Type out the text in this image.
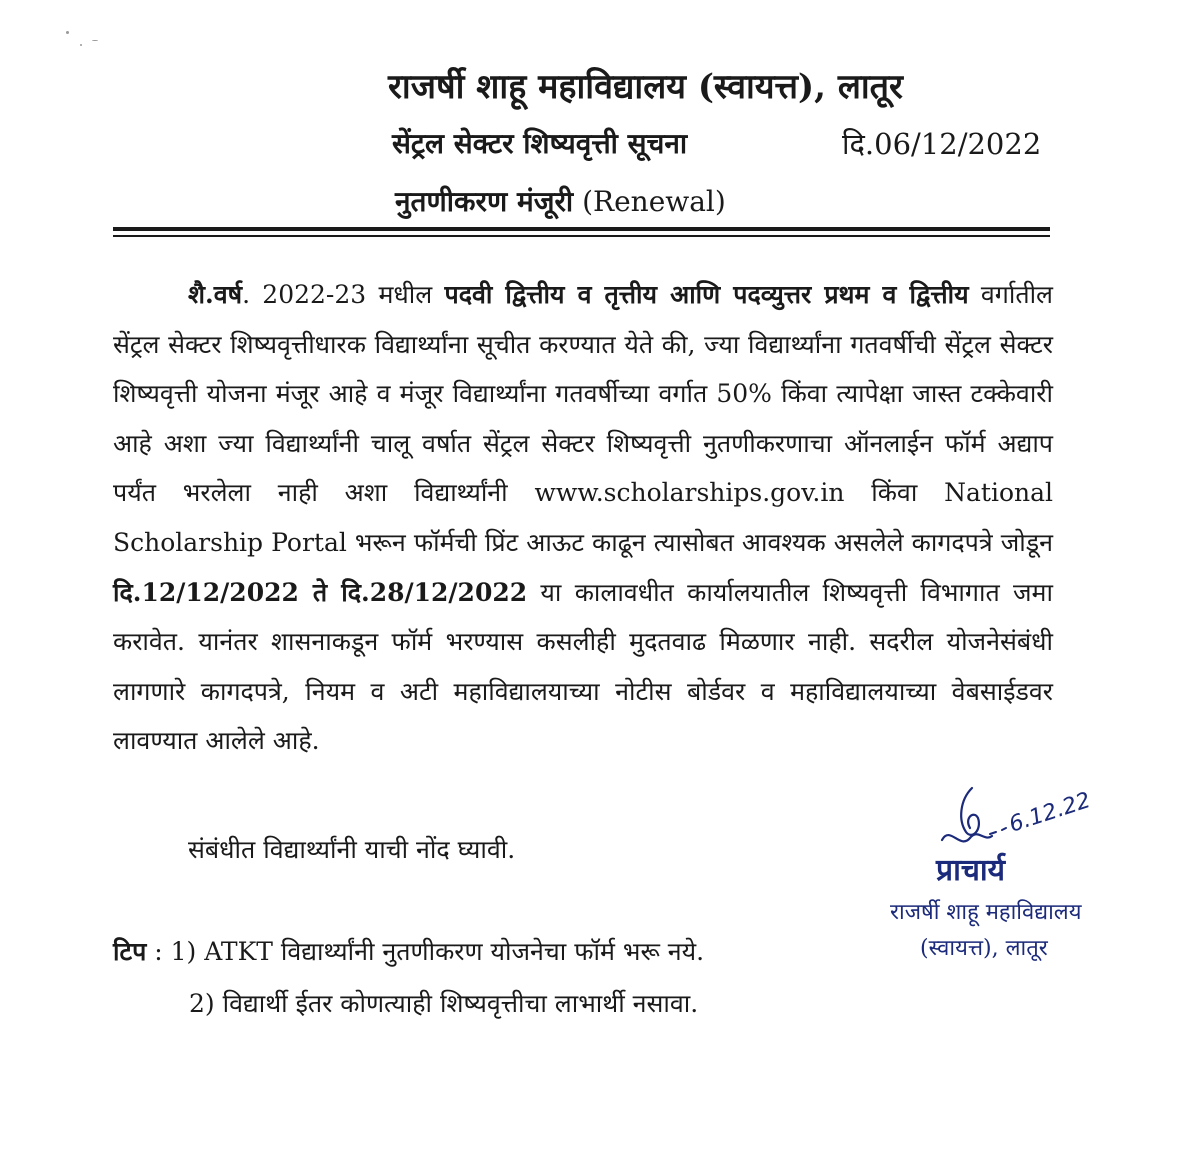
राजर्षी शाहू महाविद्यालय (स्वायत्त), लातूर
सेंट्रल सेक्टर शिष्यवृत्ती सूचना	दि.06/12/2022
नुतणीकरण मंजूरी (Renewal)
शै.वर्ष. 2022-23 मधील पदवी द्वित्तीय व तृत्तीय आणि पदव्युत्तर प्रथम व द्वित्तीय वर्गातील सेंट्रल सेक्टर शिष्यवृत्तीधारक विद्यार्थ्यांना सूचीत करण्यात येते की, ज्या विद्यार्थ्यांना गतवर्षीची सेंट्रल सेक्टर शिष्यवृत्ती योजना मंजूर आहे व मंजूर विद्यार्थ्यांना गतवर्षीच्या वर्गात 50% किंवा त्यापेक्षा जास्त टक्केवारी आहे अशा ज्या विद्यार्थ्यांनी चालू वर्षात सेंट्रल सेक्टर शिष्यवृत्ती नुतणीकरणाचा ऑनलाईन फॉर्म अद्याप पर्यंत भरलेला नाही अशा विद्यार्थ्यांनी www.scholarships.gov.in किंवा National Scholarship Portal भरून फॉर्मची प्रिंट आऊट काढून त्यासोबत आवश्यक असलेले कागदपत्रे जोडून दि.12/12/2022 ते दि.28/12/2022 या कालावधीत कार्यालयातील शिष्यवृत्ती विभागात जमा करावेत. यानंतर शासनाकडून फॉर्म भरण्यास कसलीही मुदतवाढ मिळणार नाही. सदरील योजनेसंबंधी लागणारे कागदपत्रे, नियम व अटी महाविद्यालयाच्या नोटीस बोर्डवर व महाविद्यालयाच्या वेबसाईडवर लावण्यात आलेले आहे.
संबंधीत विद्यार्थ्यांनी याची नोंद घ्यावी.
टिप : 1) ATKT विद्यार्थ्यांनी नुतणीकरण योजनेचा फॉर्म भरू नये.
2) विद्यार्थी ईतर कोणत्याही शिष्यवृत्तीचा लाभार्थी नसावा.
6.12.22
प्राचार्य
राजर्षी शाहू महाविद्यालय
(स्वायत्त), लातूर
